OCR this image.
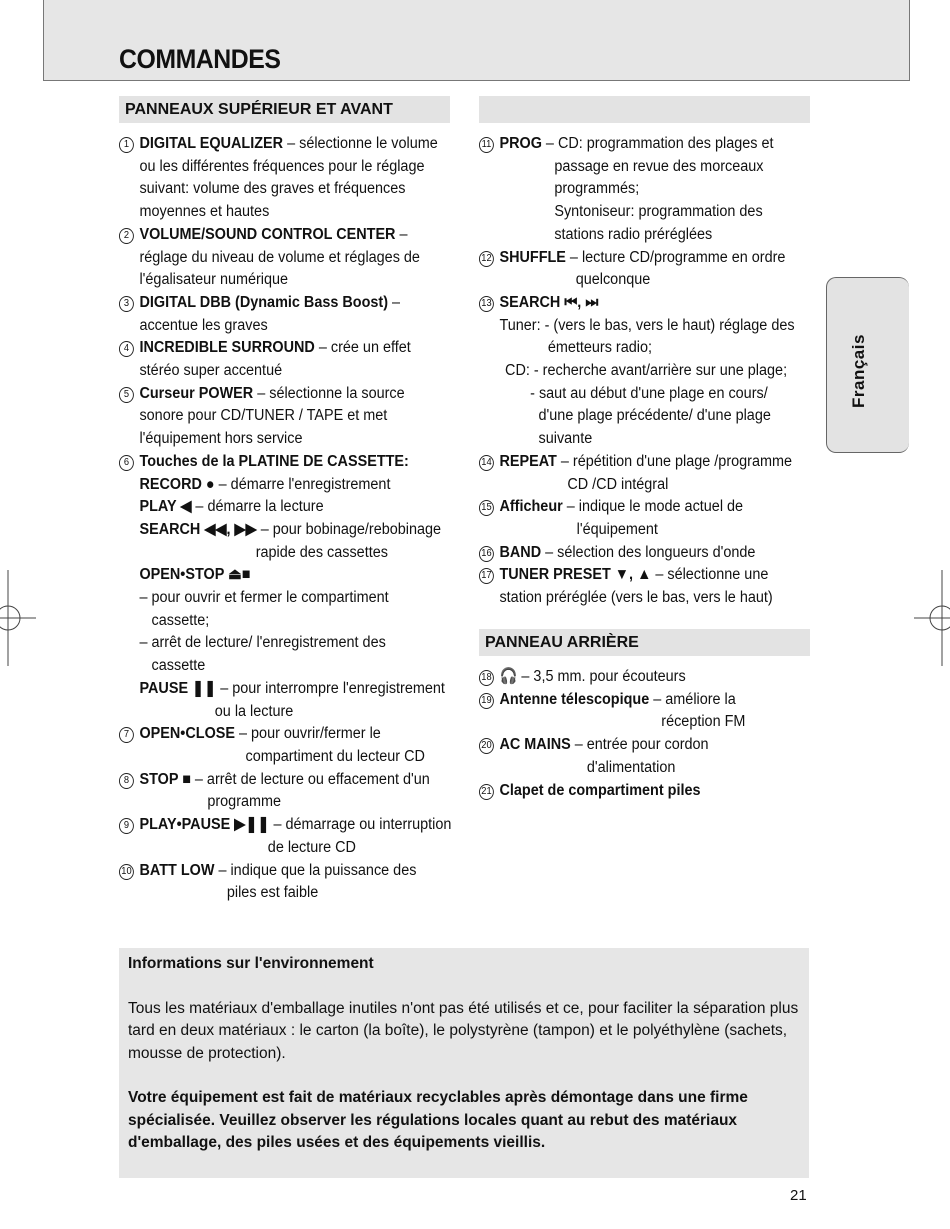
COMMANDES
PANNEAUX SUPÉRIEUR ET AVANT
1 DIGITAL EQUALIZER – sélectionne le volume
ou les différentes fréquences pour le réglage
suivant: volume des graves et fréquences
moyennes et hautes
2 VOLUME/SOUND CONTROL CENTER –
réglage du niveau de volume et réglages de
l'égalisateur numérique
3 DIGITAL DBB (Dynamic Bass Boost) –
accentue les graves
4 INCREDIBLE SURROUND – crée un effet
stéréo super accentué
5 Curseur POWER – sélectionne la source
sonore pour CD/TUNER / TAPE et met
l'équipement hors service
6 Touches de la PLATINE DE CASSETTE:
RECORD ● – démarre l'enregistrement
PLAY ◀ – démarre la lecture
SEARCH ◀◀, ▶▶ – pour bobinage/rebobinage
rapide des cassettes
OPEN•STOP ⏏■
– pour ouvrir et fermer le compartiment
cassette;
– arrêt de lecture/ l'enregistrement des
cassette
PAUSE ❚❚ – pour interrompre l'enregistrement
ou la lecture
7 OPEN•CLOSE – pour ouvrir/fermer le
compartiment du lecteur CD
8 STOP ■ – arrêt de lecture ou effacement d'un
programme
9 PLAY•PAUSE ▶❚❚ – démarrage ou interruption
de lecture CD
10 BATT LOW – indique que la puissance des
piles est faible
11 PROG – CD: programmation des plages et
passage en revue des morceaux
programmés;
Syntoniseur: programmation des
stations radio préréglées
12 SHUFFLE – lecture CD/programme en ordre
quelconque
13 SEARCH ⏮, ⏭
Tuner: - (vers le bas, vers le haut) réglage des
émetteurs radio;
CD: - recherche avant/arrière sur une plage;
- saut au début d'une plage en cours/
d'une plage précédente/ d'une plage
suivante
14 REPEAT – répétition d'une plage /programme
CD /CD intégral
15 Afficheur – indique le mode actuel de
l'équipement
16 BAND – sélection des longueurs d'onde
17 TUNER PRESET ▼, ▲ – sélectionne une
station préréglée (vers le bas, vers le haut)
PANNEAU ARRIÈRE
18 🎧 – 3,5 mm. pour écouteurs
19 Antenne télescopique – améliore la
réception FM
20 AC MAINS – entrée pour cordon
d'alimentation
21 Clapet de compartiment piles
Français

Informations sur l'environnement

Tous les matériaux d'emballage inutiles n'ont pas été utilisés et ce, pour faciliter la séparation plus tard en deux matériaux : le carton (la boîte), le polystyrène (tampon) et le polyéthylène (sachets, mousse de protection).

Votre équipement est fait de matériaux recyclables après démontage dans une firme spécialisée. Veuillez observer les régulations locales quant au rebut des matériaux d'emballage, des piles usées et des équipements vieillis.

21
